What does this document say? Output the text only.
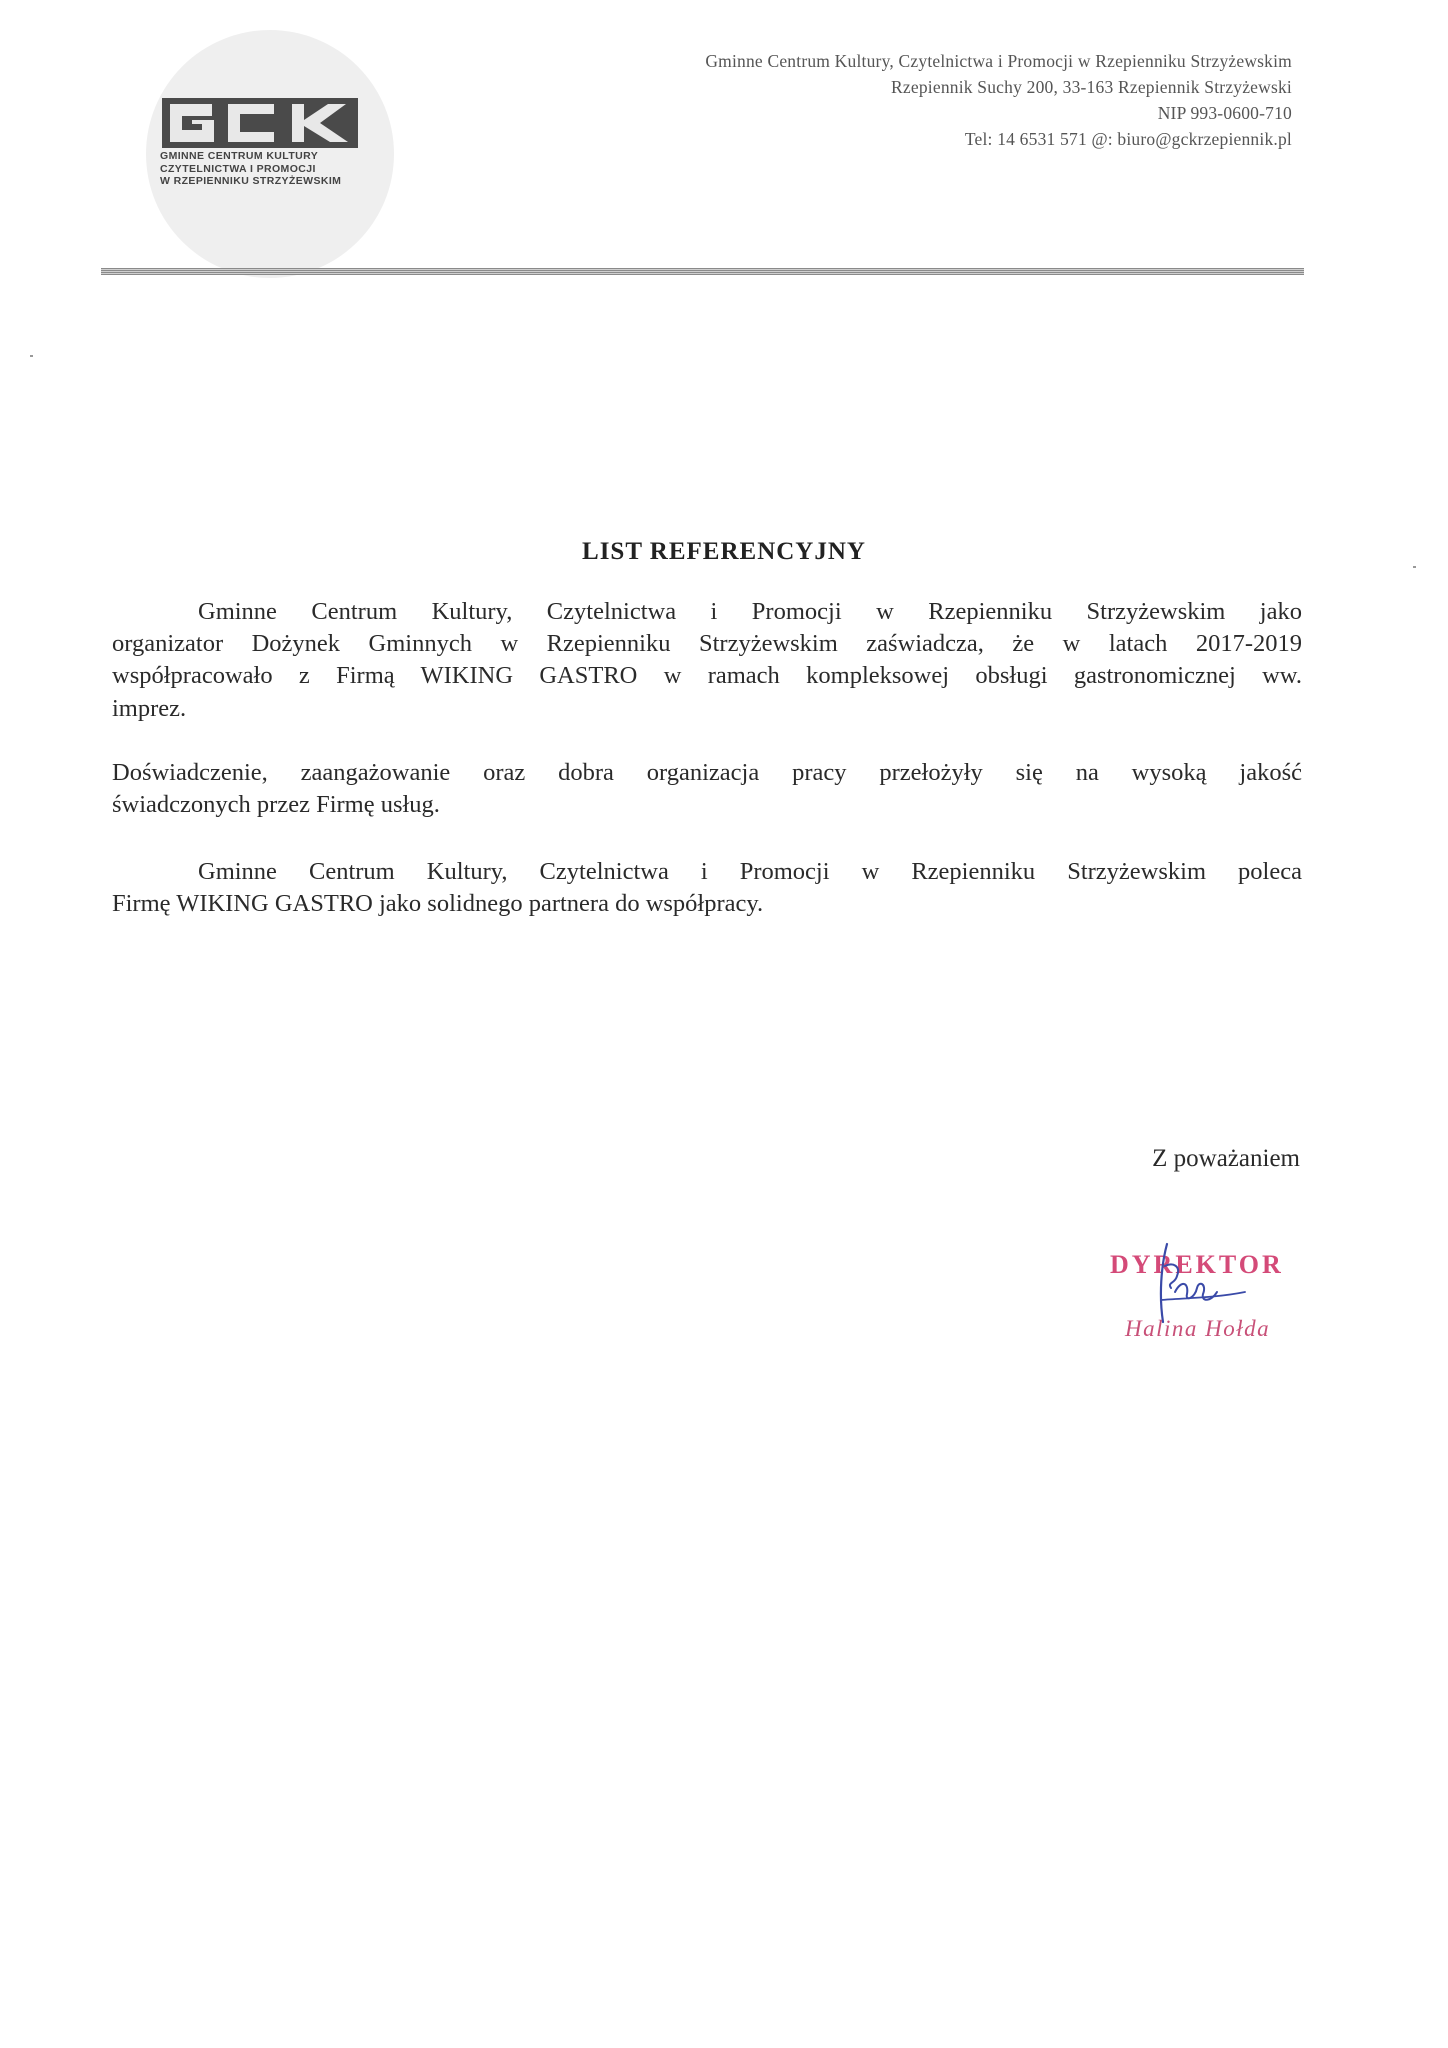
GMINNE CENTRUM KULTURY
CZYTELNICTWA I PROMOCJI
W RZEPIENNIKU STRZYŻEWSKIM
Gminne Centrum Kultury, Czytelnictwa i Promocji w Rzepienniku Strzyżewskim
Rzepiennik Suchy 200, 33-163 Rzepiennik Strzyżewski
NIP 993-0600-710
Tel: 14 6531 571 @: biuro@gckrzepiennik.pl
LIST REFERENCYJNY
Gminne Centrum Kultury, Czytelnictwa i Promocji w Rzepienniku Strzyżewskim jako
organizator Dożynek Gminnych w Rzepienniku Strzyżewskim zaświadcza, że w latach 2017-2019
współpracowało z Firmą WIKING GASTRO w ramach kompleksowej obsługi gastronomicznej ww.
imprez.
Doświadczenie, zaangażowanie oraz dobra organizacja pracy przełożyły się na wysoką jakość
świadczonych przez Firmę usług.
Gminne Centrum Kultury, Czytelnictwa i Promocji w Rzepienniku Strzyżewskim poleca
Firmę WIKING GASTRO jako solidnego partnera do współpracy.
Z poważaniem
DYREKTOR
Halina Hołda
